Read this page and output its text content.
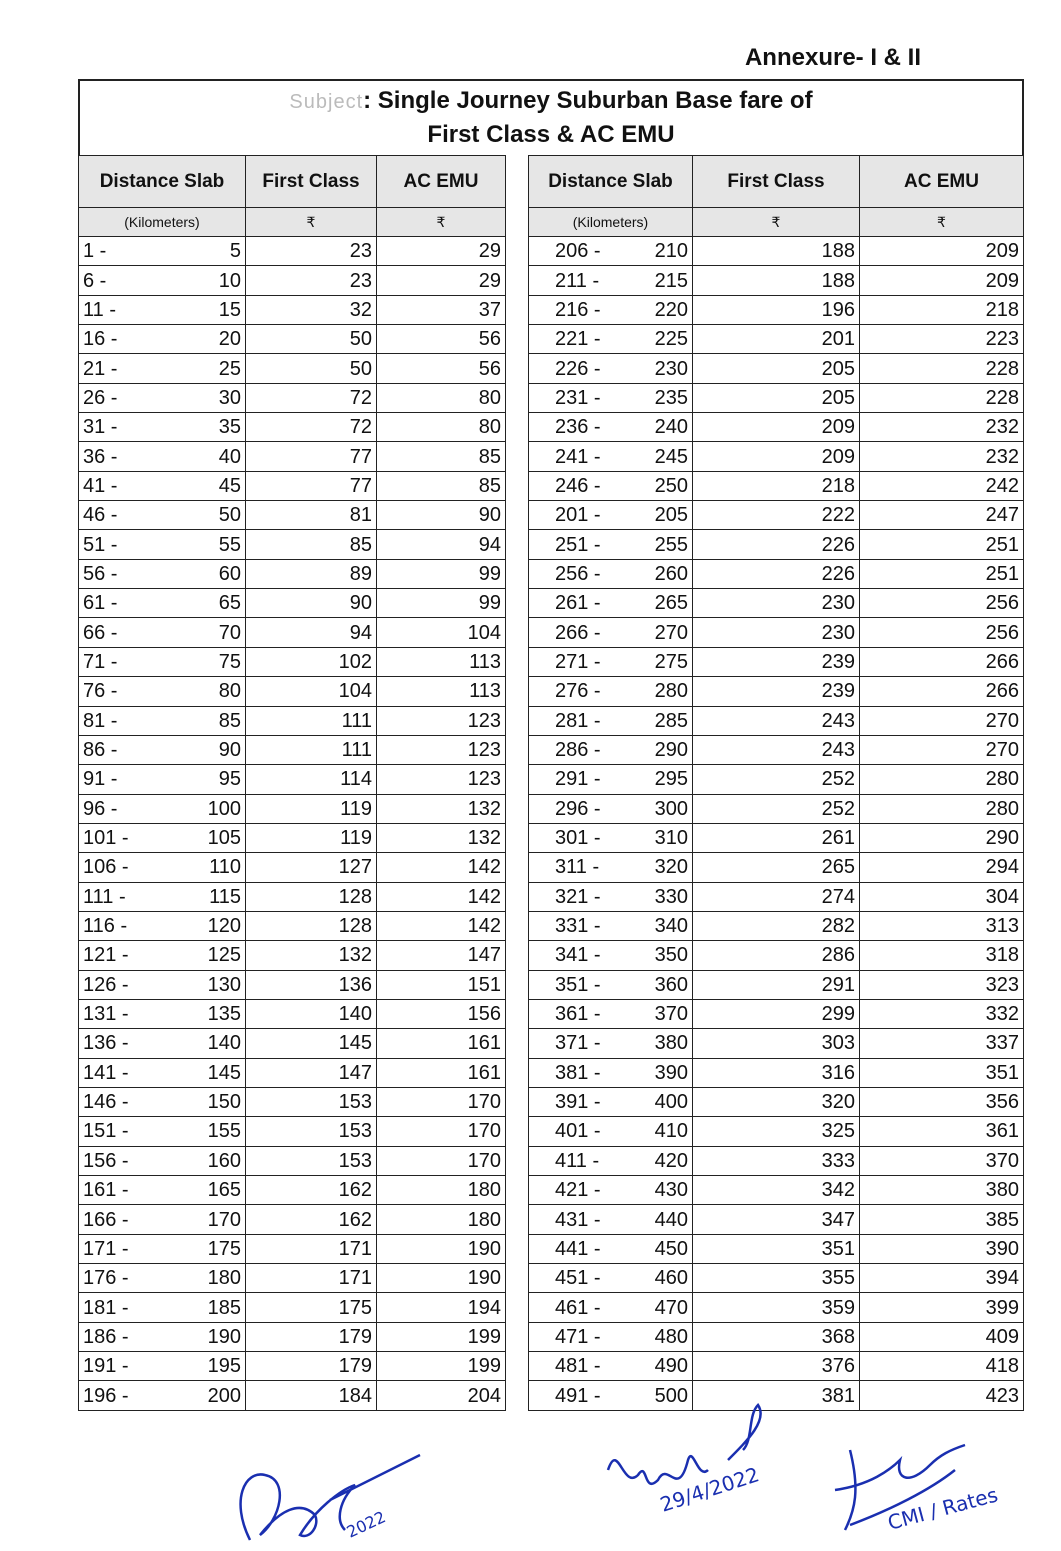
Annexure- I & II
Subject: Single Journey Suburban Base fare of
First Class & AC EMU
Distance Slab		First Class	AC EMU
(Kilometers)		₹	₹
1 -	5	23	29
6 -	10	23	29
11 -	15	32	37
16 -	20	50	56
21 -	25	50	56
26 -	30	72	80
31 -	35	72	80
36 -	40	77	85
41 -	45	77	85
46 -	50	81	90
51 -	55	85	94
56 -	60	89	99
61 -	65	90	99
66 -	70	94	104
71 -	75	102	113
76 -	80	104	113
81 -	85	111	123
86 -	90	111	123
91 -	95	114	123
96 -	100	119	132
101 -	105	119	132
106 -	110	127	142
111 -	115	128	142
116 -	120	128	142
121 -	125	132	147
126 -	130	136	151
131 -	135	140	156
136 -	140	145	161
141 -	145	147	161
146 -	150	153	170
151 -	155	153	170
156 -	160	153	170
161 -	165	162	180
166 -	170	162	180
171 -	175	171	190
176 -	180	171	190
181 -	185	175	194
186 -	190	179	199
191 -	195	179	199
196 -	200	184	204
Distance Slab		First Class	AC EMU
(Kilometers)		₹	₹
206 -	210	188	209
211 -	215	188	209
216 -	220	196	218
221 -	225	201	223
226 -	230	205	228
231 -	235	205	228
236 -	240	209	232
241 -	245	209	232
246 -	250	218	242
201 -	205	222	247
251 -	255	226	251
256 -	260	226	251
261 -	265	230	256
266 -	270	230	256
271 -	275	239	266
276 -	280	239	266
281 -	285	243	270
286 -	290	243	270
291 -	295	252	280
296 -	300	252	280
301 -	310	261	290
311 -	320	265	294
321 -	330	274	304
331 -	340	282	313
341 -	350	286	318
351 -	360	291	323
361 -	370	299	332
371 -	380	303	337
381 -	390	316	351
391 -	400	320	356
401 -	410	325	361
411 -	420	333	370
421 -	430	342	380
431 -	440	347	385
441 -	450	351	390
451 -	460	355	394
461 -	470	359	399
471 -	480	368	409
481 -	490	376	418
491 -	500	381	423
2022
29/4/2022	CMI / Rates
